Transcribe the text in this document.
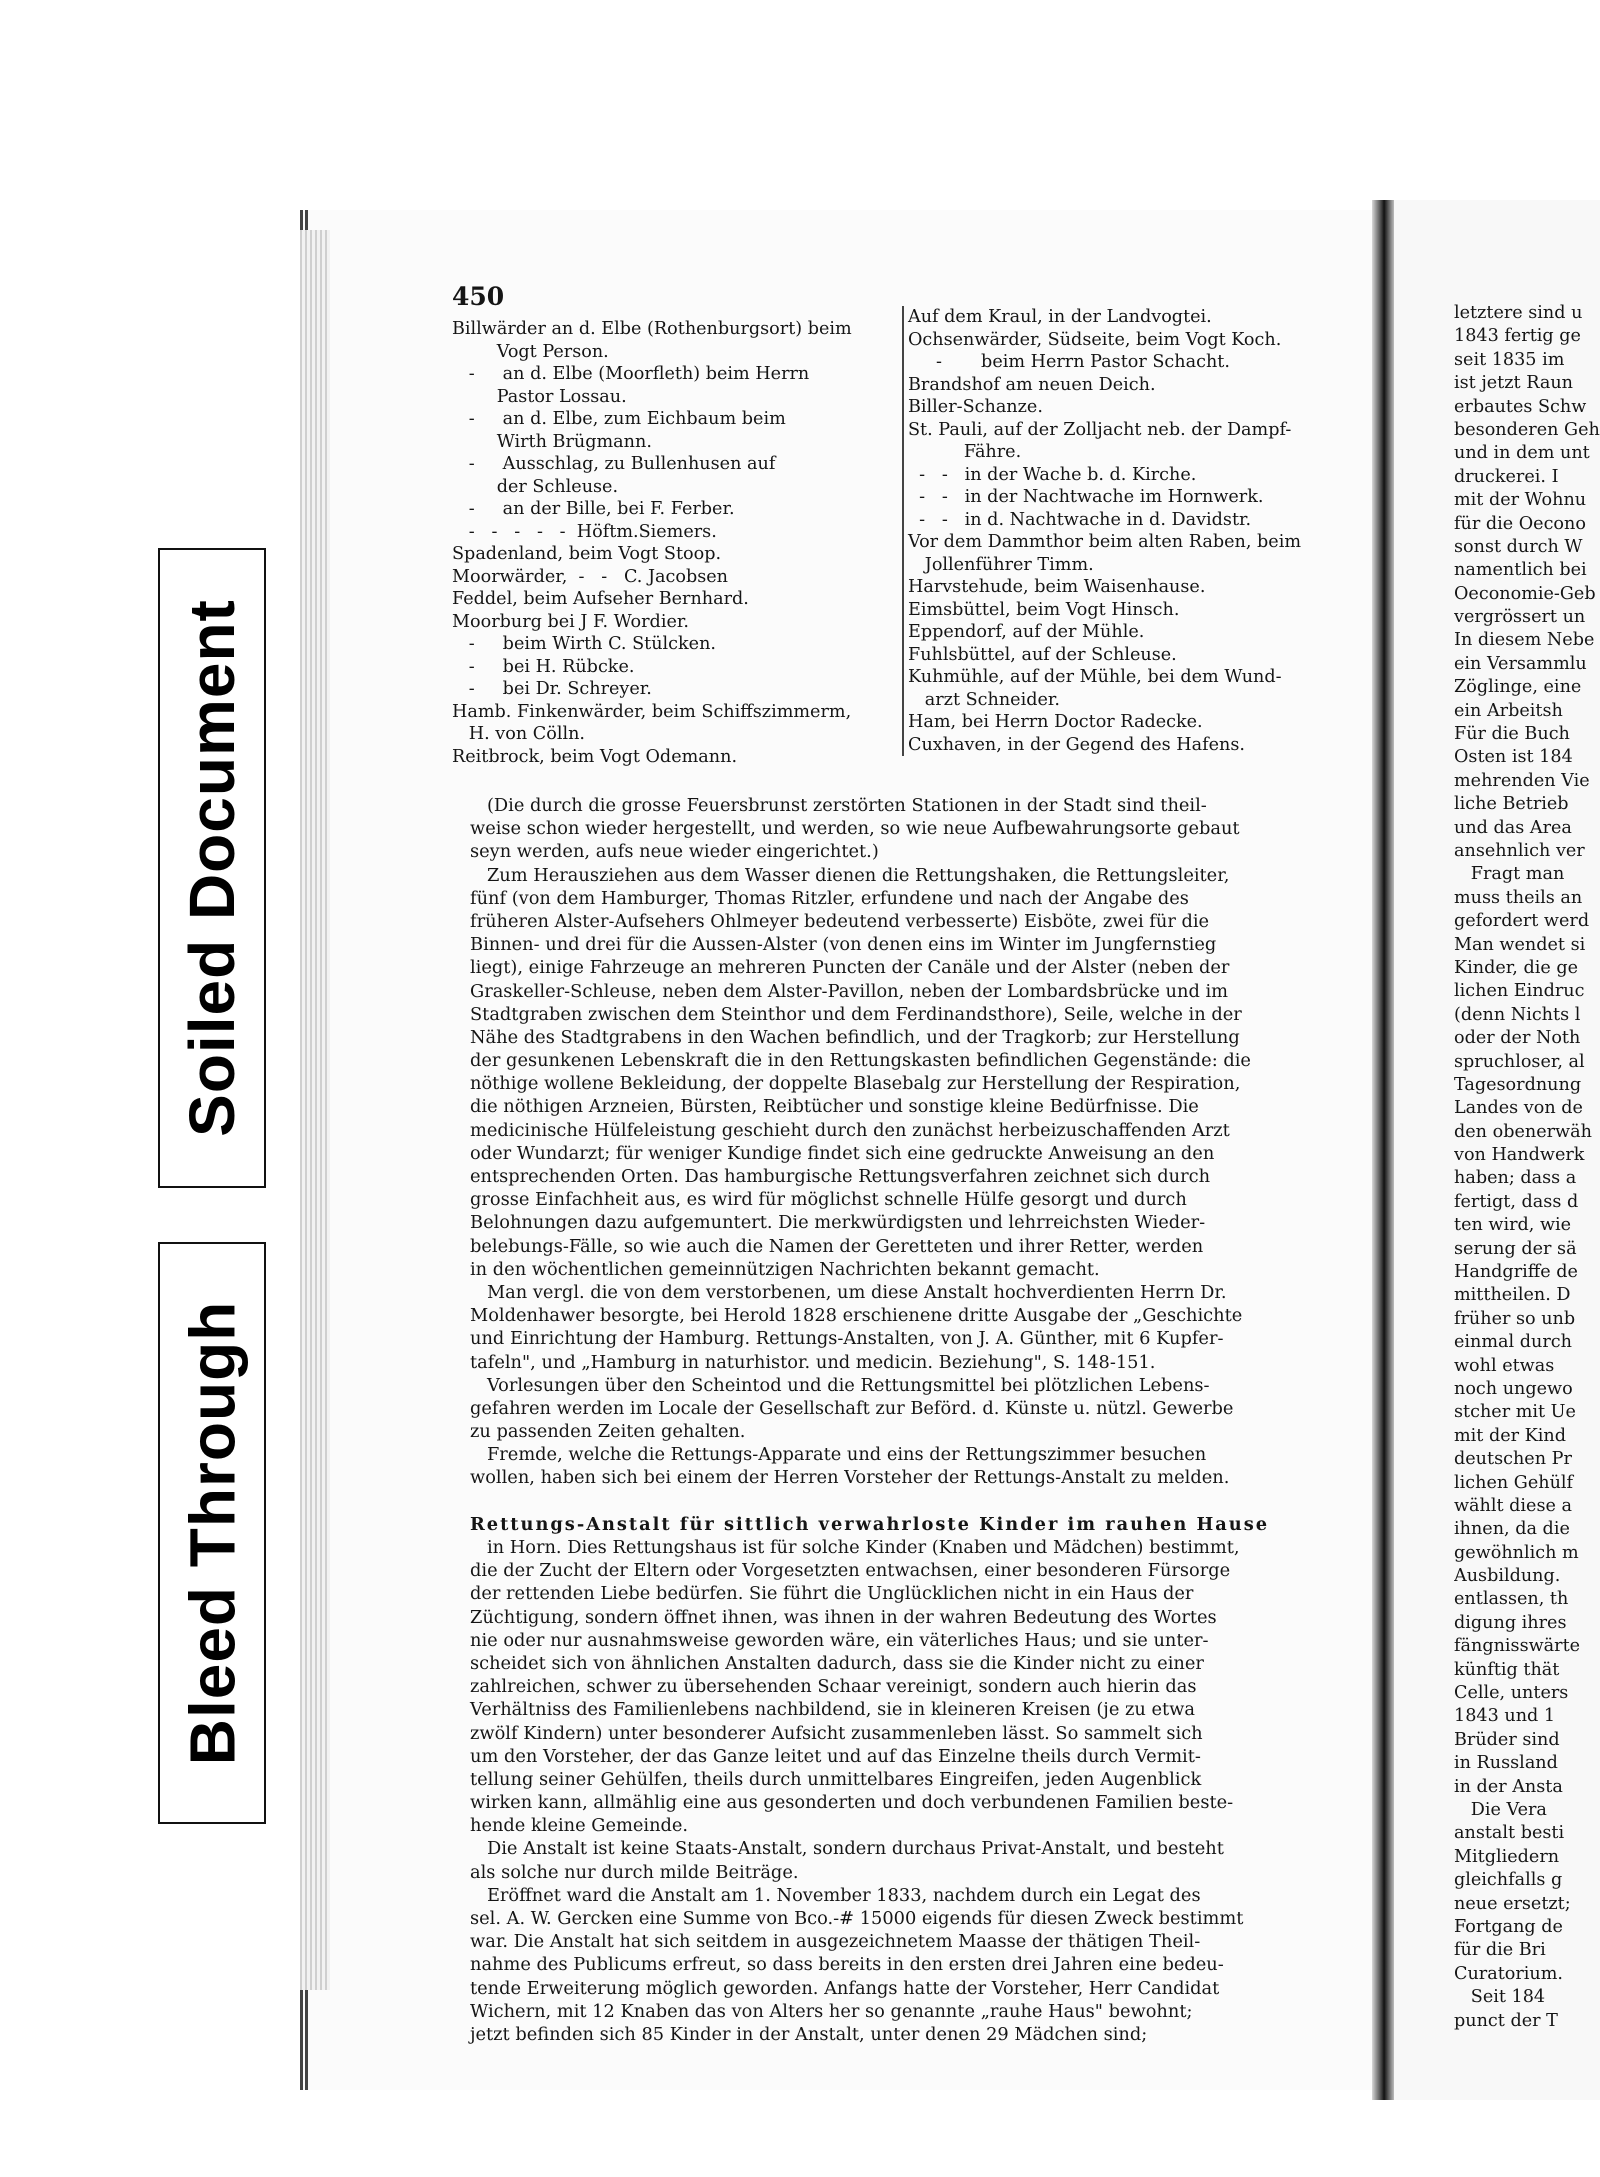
Soiled Document
Bleed Through
450
Billwärder an d. Elbe (Rothenburgsort) beim
Vogt Person.
-     an d. Elbe (Moorfleth) beim Herrn
Pastor Lossau.
-     an d. Elbe, zum Eichbaum beim
Wirth Brügmann.
-     Ausschlag, zu Bullenhusen auf
der Schleuse.
-     an der Bille, bei F. Ferber.
-   -   -   -   -  Höftm.Siemers.
Spadenland, beim Vogt Stoop.
Moorwärder,  -   -   C. Jacobsen
Feddel, beim Aufseher Bernhard.
Moorburg bei J F. Wordier.
-     beim Wirth C. Stülcken.
-     bei H. Rübcke.
-     bei Dr. Schreyer.
Hamb. Finkenwärder, beim Schiffszimmerm,
H. von Cölln.
Reitbrock, beim Vogt Odemann.
Auf dem Kraul, in der Landvogtei.
Ochsenwärder, Südseite, beim Vogt Koch.
-       beim Herrn Pastor Schacht.
Brandshof am neuen Deich.
Biller-Schanze.
St. Pauli, auf der Zolljacht neb. der Dampf-
Fähre.
-   -   in der Wache b. d. Kirche.
-   -   in der Nachtwache im Hornwerk.
-   -   in d. Nachtwache in d. Davidstr.
Vor dem Dammthor beim alten Raben, beim
Jollenführer Timm.
Harvstehude, beim Waisenhause.
Eimsbüttel, beim Vogt Hinsch.
Eppendorf, auf der Mühle.
Fuhlsbüttel, auf der Schleuse.
Kuhmühle, auf der Mühle, bei dem Wund-
arzt Schneider.
Ham, bei Herrn Doctor Radecke.
Cuxhaven, in der Gegend des Hafens.
(Die durch die grosse Feuersbrunst zerstörten Stationen in der Stadt sind theil-
weise schon wieder hergestellt, und werden, so wie neue Aufbewahrungsorte gebaut
seyn werden, aufs neue wieder eingerichtet.)
Zum Herausziehen aus dem Wasser dienen die Rettungshaken, die Rettungsleiter,
fünf (von dem Hamburger, Thomas Ritzler, erfundene und nach der Angabe des
früheren Alster-Aufsehers Ohlmeyer bedeutend verbesserte) Eisböte, zwei für die
Binnen- und drei für die Aussen-Alster (von denen eins im Winter im Jungfernstieg
liegt), einige Fahrzeuge an mehreren Puncten der Canäle und der Alster (neben der
Graskeller-Schleuse, neben dem Alster-Pavillon, neben der Lombardsbrücke und im
Stadtgraben zwischen dem Steinthor und dem Ferdinandsthore), Seile, welche in der
Nähe des Stadtgrabens in den Wachen befindlich, und der Tragkorb; zur Herstellung
der gesunkenen Lebenskraft die in den Rettungskasten befindlichen Gegenstände: die
nöthige wollene Bekleidung, der doppelte Blasebalg zur Herstellung der Respiration,
die nöthigen Arzneien, Bürsten, Reibtücher und sonstige kleine Bedürfnisse. Die
medicinische Hülfeleistung geschieht durch den zunächst herbeizuschaffenden Arzt
oder Wundarzt; für weniger Kundige findet sich eine gedruckte Anweisung an den
entsprechenden Orten. Das hamburgische Rettungsverfahren zeichnet sich durch
grosse Einfachheit aus, es wird für möglichst schnelle Hülfe gesorgt und durch
Belohnungen dazu aufgemuntert. Die merkwürdigsten und lehrreichsten Wieder-
belebungs-Fälle, so wie auch die Namen der Geretteten und ihrer Retter, werden
in den wöchentlichen gemeinnützigen Nachrichten bekannt gemacht.
Man vergl. die von dem verstorbenen, um diese Anstalt hochverdienten Herrn Dr.
Moldenhawer besorgte, bei Herold 1828 erschienene dritte Ausgabe der „Geschichte
und Einrichtung der Hamburg. Rettungs-Anstalten, von J. A. Günther, mit 6 Kupfer-
tafeln", und „Hamburg in naturhistor. und medicin. Beziehung", S. 148-151.
Vorlesungen über den Scheintod und die Rettungsmittel bei plötzlichen Lebens-
gefahren werden im Locale der Gesellschaft zur Beförd. d. Künste u. nützl. Gewerbe
zu passenden Zeiten gehalten.
Fremde, welche die Rettungs-Apparate und eins der Rettungszimmer besuchen
wollen, haben sich bei einem der Herren Vorsteher der Rettungs-Anstalt zu melden.
Rettungs-Anstalt für sittlich verwahrloste Kinder im rauhen Hause
in Horn. Dies Rettungshaus ist für solche Kinder (Knaben und Mädchen) bestimmt,
die der Zucht der Eltern oder Vorgesetzten entwachsen, einer besonderen Fürsorge
der rettenden Liebe bedürfen. Sie führt die Unglücklichen nicht in ein Haus der
Züchtigung, sondern öffnet ihnen, was ihnen in der wahren Bedeutung des Wortes
nie oder nur ausnahmsweise geworden wäre, ein väterliches Haus; und sie unter-
scheidet sich von ähnlichen Anstalten dadurch, dass sie die Kinder nicht zu einer
zahlreichen, schwer zu übersehenden Schaar vereinigt, sondern auch hierin das
Verhältniss des Familienlebens nachbildend, sie in kleineren Kreisen (je zu etwa
zwölf Kindern) unter besonderer Aufsicht zusammenleben lässt. So sammelt sich
um den Vorsteher, der das Ganze leitet und auf das Einzelne theils durch Vermit-
tellung seiner Gehülfen, theils durch unmittelbares Eingreifen, jeden Augenblick
wirken kann, allmählig eine aus gesonderten und doch verbundenen Familien beste-
hende kleine Gemeinde.
Die Anstalt ist keine Staats-Anstalt, sondern durchaus Privat-Anstalt, und besteht
als solche nur durch milde Beiträge.
Eröffnet ward die Anstalt am 1. November 1833, nachdem durch ein Legat des
sel. A. W. Gercken eine Summe von Bco.-# 15000 eigends für diesen Zweck bestimmt
war. Die Anstalt hat sich seitdem in ausgezeichnetem Maasse der thätigen Theil-
nahme des Publicums erfreut, so dass bereits in den ersten drei Jahren eine bedeu-
tende Erweiterung möglich geworden. Anfangs hatte der Vorsteher, Herr Candidat
Wichern, mit 12 Knaben das von Alters her so genannte „rauhe Haus" bewohnt;
jetzt befinden sich 85 Kinder in der Anstalt, unter denen 29 Mädchen sind;
letztere sind u
1843 fertig ge
seit 1835 im
ist jetzt Raun
erbautes Schw
besonderen Geh
und in dem unt
druckerei. I
mit der Wohnu
für die Oecono
sonst durch W
namentlich bei
Oeconomie-Geb
vergrössert un
In diesem Nebe
ein Versammlu
Zöglinge, eine
ein Arbeitsh
Für die Buch
Osten ist 184
mehrenden Vie
liche Betrieb
und das Area
ansehnlich ver
Fragt man
muss theils an
gefordert werd
Man wendet si
Kinder, die ge
lichen Eindruc
(denn Nichts l
oder der Noth
spruchloser, al
Tagesordnung
Landes von de
den obenerwäh
von Handwerk
haben; dass a
fertigt, dass d
ten wird, wie
serung der sä
Handgriffe de
mittheilen. D
früher so unb
einmal durch
wohl etwas
noch ungewo
stcher mit Ue
mit der Kind
deutschen Pr
lichen Gehülf
wählt diese a
ihnen, da die
gewöhnlich m
Ausbildung.
entlassen, th
digung ihres
fängnisswärte
künftig thät
Celle, unters
1843 und 1
Brüder sind
in Russland
in der Ansta
Die Vera
anstalt besti
Mitgliedern
gleichfalls g
neue ersetzt;
Fortgang de
für die Bri
Curatorium.
Seit 184
punct der T
